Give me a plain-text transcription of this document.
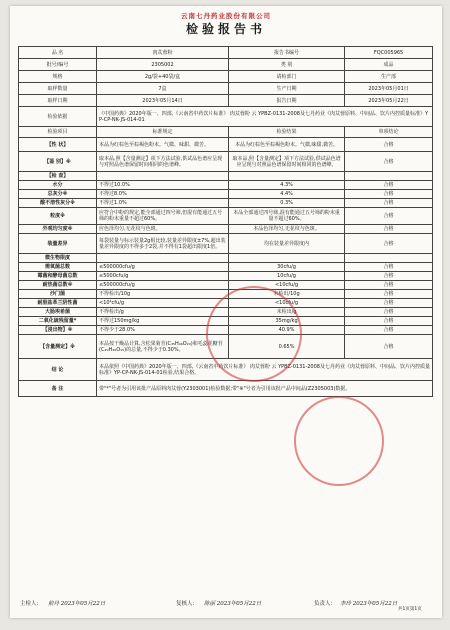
云南七丹药业股份有限公司
检验报告书
品 名	肉苁蓉粉	报告书编号	FQC005965
批号/编号	2305002	类 别	成品
规格	2g/袋+40袋/盒	请检部门	生产部
取样数量	7盒	生产日期	2023年05月01日
取样日期	2023年05月14日	报告日期	2023年05月22日
检验依据	《中国药典》2020年版一、四部,《云南省中药饮片标准》 肉苁蓉粉 云 YPBZ-0131-2008及七丹药业《肉苁蓉原料、中间品、饮片内控质量标准》YP-CP-NK-JS-014-01		
检验项目	标准规定	检验结果	单项结论
【性 状】	本品为红棕色至棕褐色粉末。气微、味甜、微苦。	本品为红棕色至棕褐色粉末。气微,味甜,微苦。	合格
【鉴 别】※	取本品,照【含量测定】项下方法试验,供试品色谱应呈现与对照品色谱保留时间相同的色谱峰。	取本品,照【含量测定】项下方法试验,供试品色谱应呈现与对照品色谱保留时间相同的色谱峰。	合格
【检 查】			
水分	不得过10.0%	4.3%	合格
总灰分※	不得过8.0%	4.4%	合格
酸不溶性灰分※	不得过1.0%	0.3%	合格
粒度※	应符合中粉的规定,能全部通过四号筛,但混有能通过五号筛的粉末重量不超过60%。	本品全部通过四号筛,混有能通过五号筛的粉末重量不超过60%。	合格
外观均匀度※	应色泽均匀,无花纹与色斑。	本品色泽均匀,无花纹与色斑。	合格
装量差异	每袋装量与标示装量2g相比较,装量差异限度±7%,超出装量差异限度的不得多于2袋,并不得有1袋超出限度1倍。	均在装量差异限度内	合格
微生物限度			
需氧菌总数	≤500000cfu/g	30cfu/g	合格
霉菌和酵母菌总数	≤5000cfu/g	10cfu/g	合格
耐热菌总数※	≤500000cfu/g	<10cfu/g	合格
沙门菌	不得检出/10g	未检出/10g	合格
耐胆盐革兰阴性菌	<10⁴cfu/g	<10cfu/g	合格
大肠埃希菌	不得检出/g	未检出/g	合格
二氧化硫残留量*	不得过150mg/kg	35mg/kg	合格
【浸出物】※	不得少于28.0%	40.9%	合格
【含量测定】※	本品按干燥品计算,含松果菊苷(C₃₅H₄₆O₂₀)和毛蕊花糖苷(C₂₉H₃₆O₁₅)的总量,不得少于0.30%。	0.65%	合格
结 论	本品依照《中国药典》2020年版一、四部,《云南省中药饮片标准》 肉苁蓉粉 云 YPBZ-0131-2008及七丹药业《肉苁蓉原料、中间品、饮片内控质量标准》YP-CP-NK-JS-014-01检验,结果合格。		
备 注	带"*"号者为引用该批产品原料肉苁蓉(Y2303001)检验数据;带"※"号者为引用该批产品中间品(Z2305003)数据。		
主检人: 前丹 2023年05月22日	复核人: 陈丽 2023年05月22日	负责人: 李玲 2023年05月22日
共1页第1页
